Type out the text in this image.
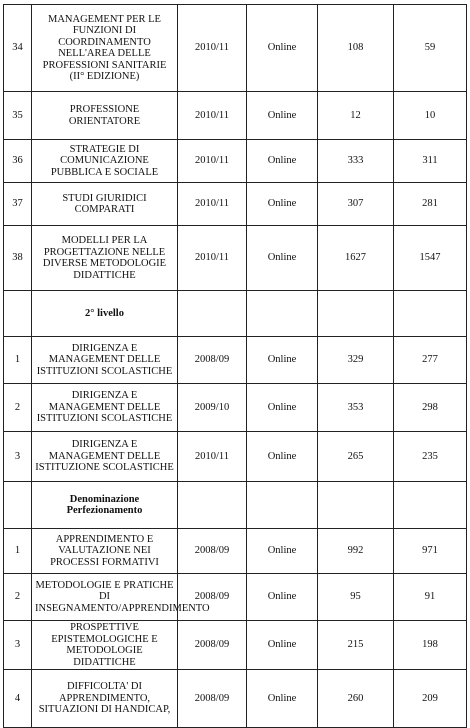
34	MANAGEMENT PER LE FUNZIONI DI COORDINAMENTO NELL'AREA DELLE PROFESSIONI SANITARIE (II° EDIZIONE)	2010/11	Online	108	59
35	PROFESSIONE ORIENTATORE	2010/11	Online	12	10
36	STRATEGIE DI COMUNICAZIONE PUBBLICA E SOCIALE	2010/11	Online	333	311
37	STUDI GIURIDICI COMPARATI	2010/11	Online	307	281
38	MODELLI PER LA PROGETTAZIONE NELLE DIVERSE METODOLOGIE DIDATTICHE	2010/11	Online	1627	1547
	2° livello				
1	DIRIGENZA E MANAGEMENT DELLE ISTITUZIONI SCOLASTICHE	2008/09	Online	329	277
2	DIRIGENZA E MANAGEMENT DELLE ISTITUZIONI SCOLASTICHE	2009/10	Online	353	298
3	DIRIGENZA E MANAGEMENT DELLE ISTITUZIONE SCOLASTICHE	2010/11	Online	265	235
	Denominazione Perfezionamento				
1	APPRENDIMENTO E VALUTAZIONE NEI PROCESSI FORMATIVI	2008/09	Online	992	971
2	METODOLOGIE E PRATICHE DI INSEGNAMENTO/APPRENDIMENTO	2008/09	Online	95	91
3	PROSPETTIVE EPISTEMOLOGICHE E METODOLOGIE DIDATTICHE	2008/09	Online	215	198
4	DIFFICOLTA' DI APPRENDIMENTO, SITUAZIONI DI HANDICAP,	2008/09	Online	260	209
